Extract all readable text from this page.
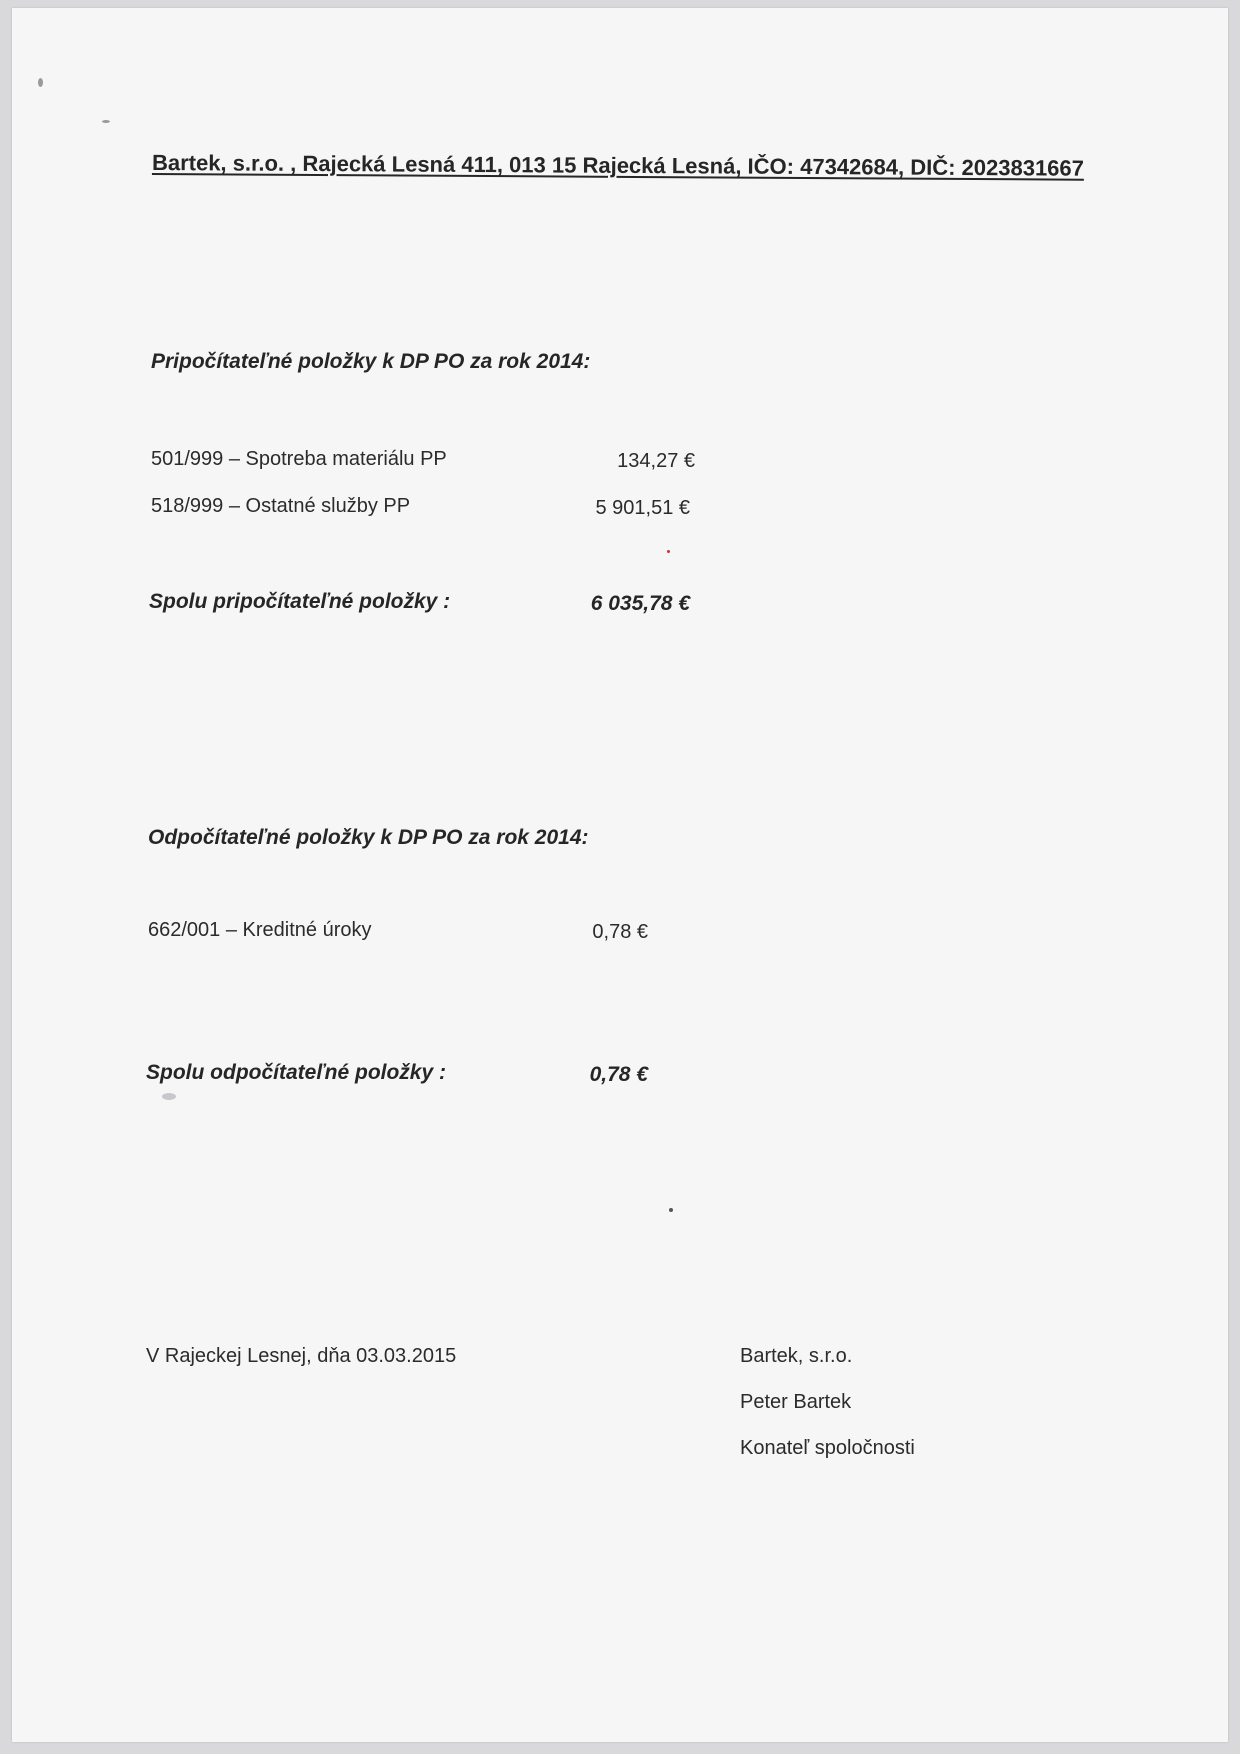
Bartek, s.r.o. , Rajecká Lesná 411, 013 15 Rajecká Lesná, IČO: 47342684, DIČ: 2023831667
Pripočítateľné položky k DP PO za rok 2014:
501/999 – Spotreba materiálu PP	134,27 €
518/999 – Ostatné služby PP	5 901,51 €
Spolu pripočítateľné položky :	6 035,78 €
Odpočítateľné položky k DP PO za rok 2014:
662/001 – Kreditné úroky	0,78 €
Spolu odpočítateľné položky :	0,78 €
V Rajeckej Lesnej, dňa 03.03.2015	Bartek, s.r.o.
Peter Bartek
Konateľ spoločnosti
